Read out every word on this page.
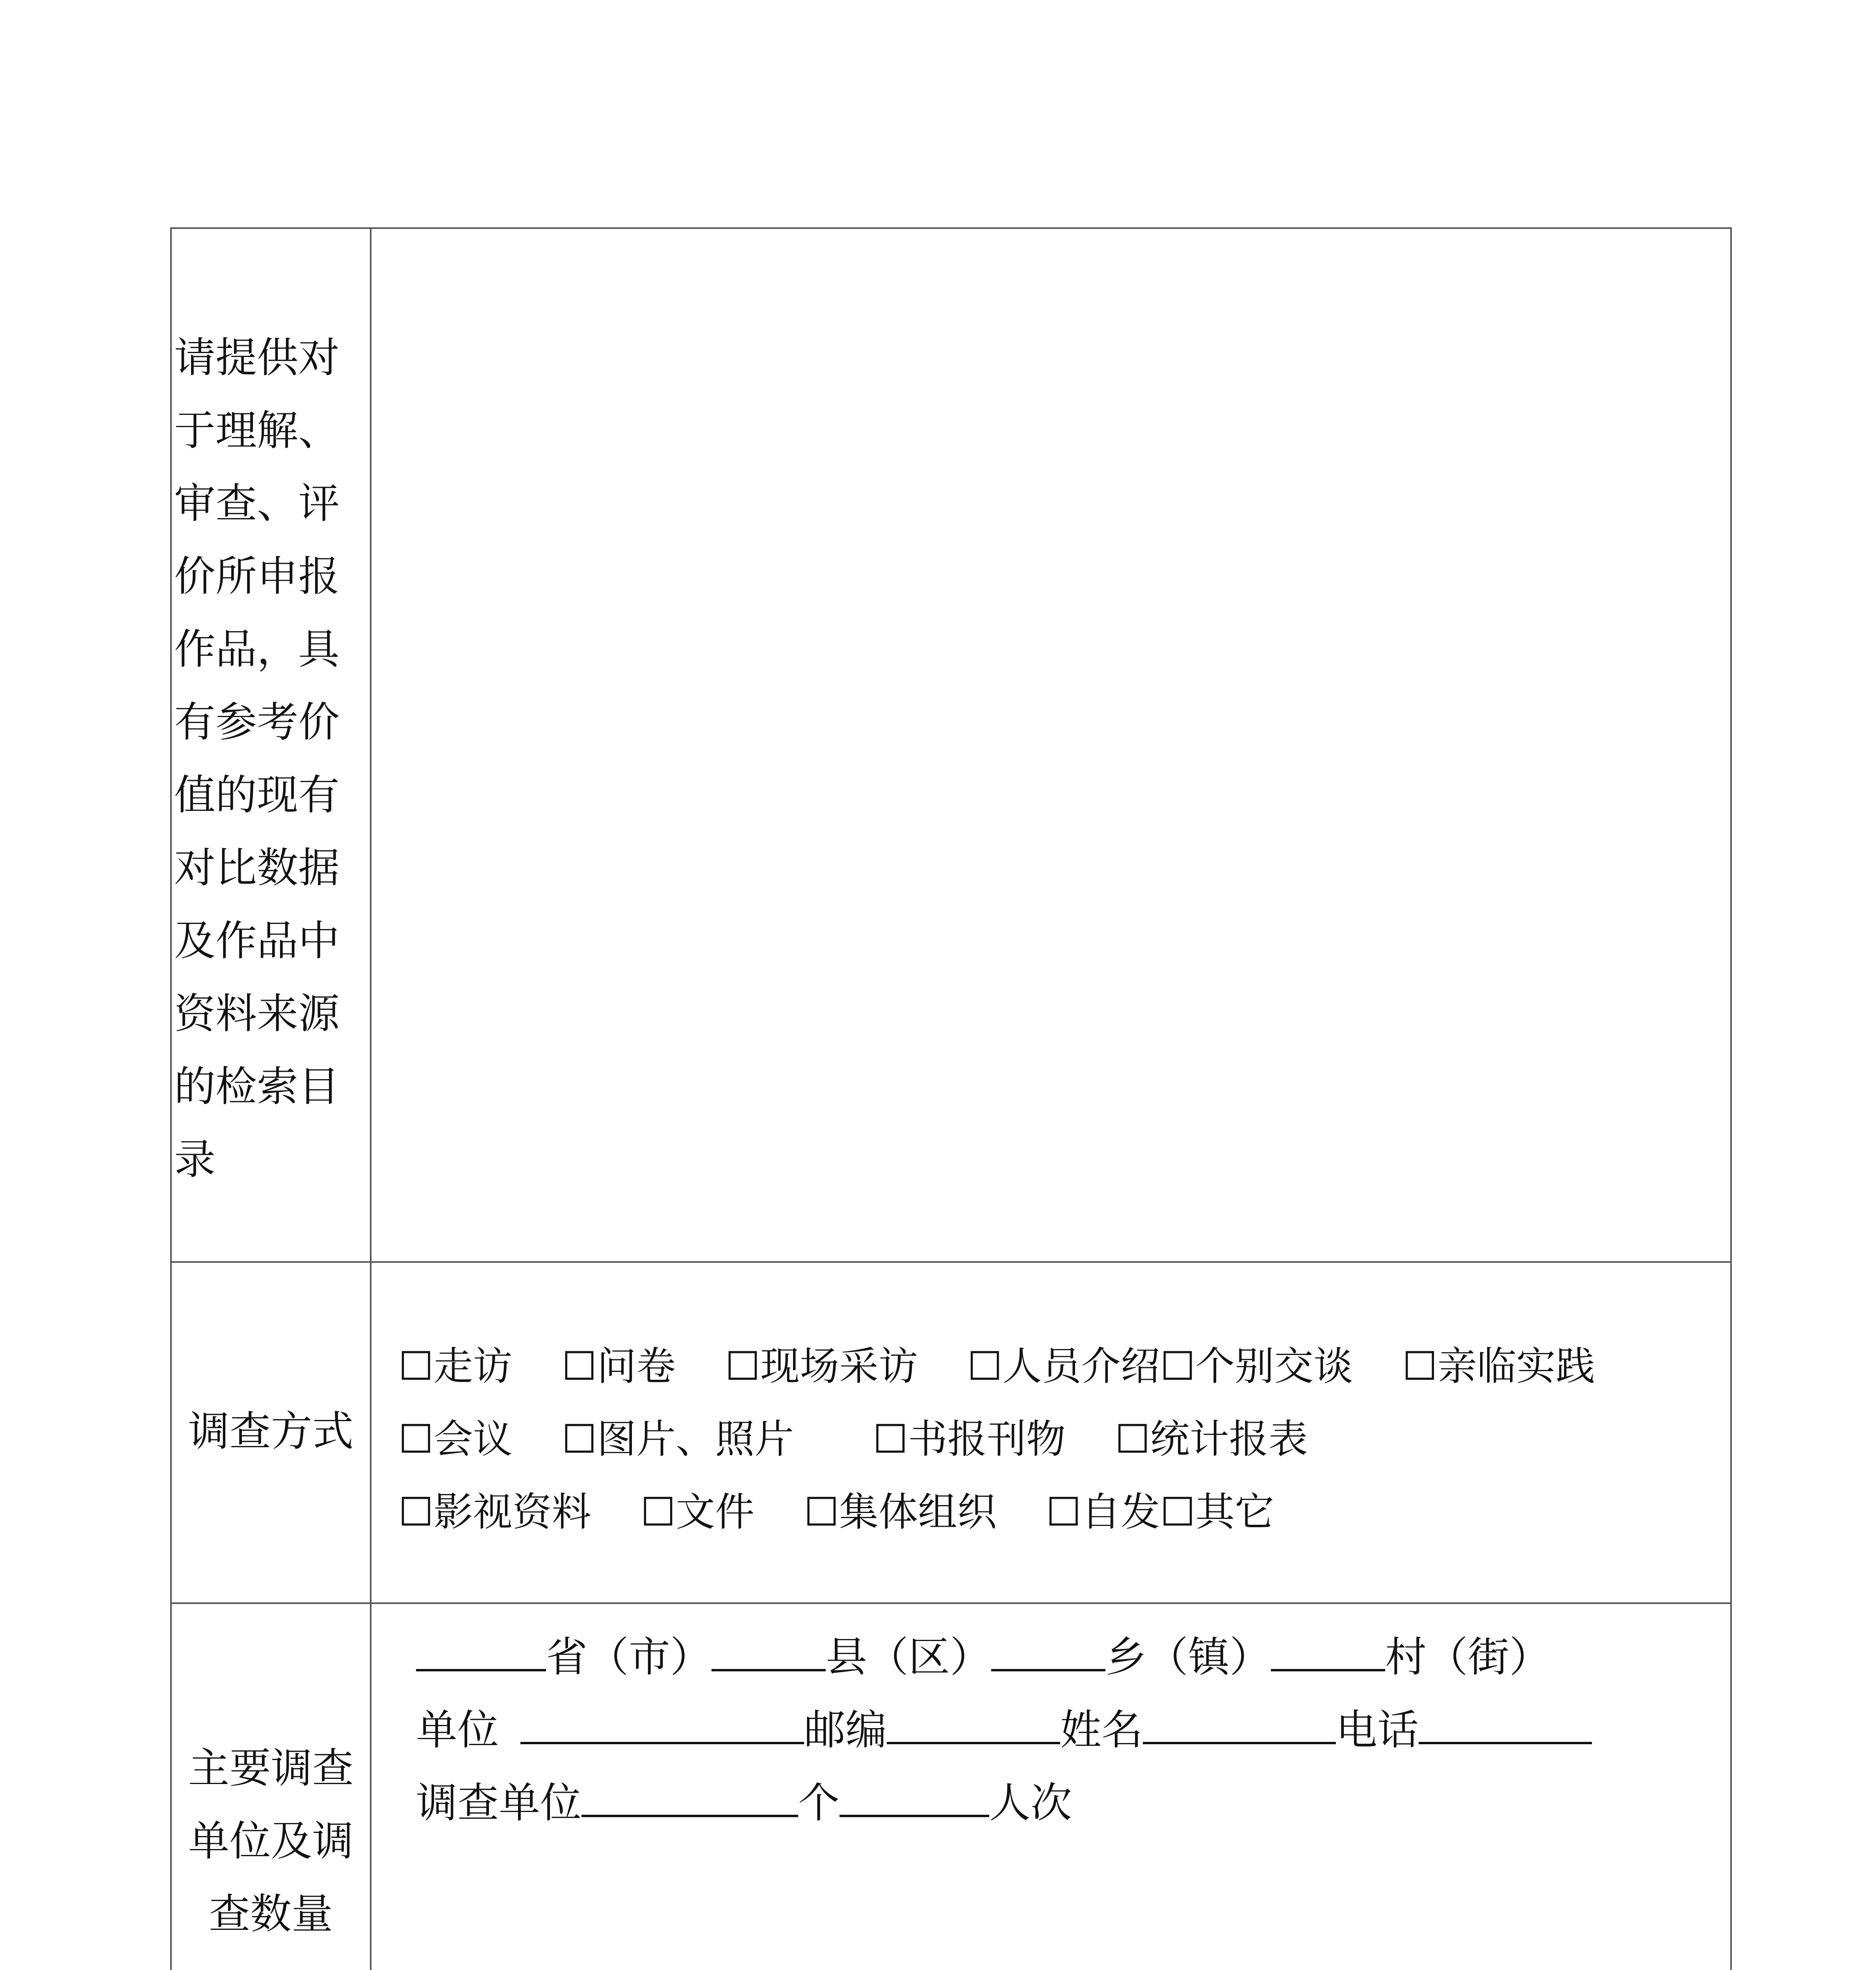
请提供对于理解、审查、评价所申报作品，具有参考价值的现有对比数据及作品中资料来源的检索目录
调查方式
☐走访 ☐问卷 ☐现场采访 ☐人员介绍☐个别交谈 ☐亲临实践
☐会议 ☐图片、照片 ☐书报刊物 ☐统计报表
☐影视资料 ☐文件 ☐集体组织 ☐自发☐其它
主要调查单位及调查数量
省（市）	县（区）	乡（镇）	村（街）
单位	邮编	姓名	电话
调查单位	个	人次
